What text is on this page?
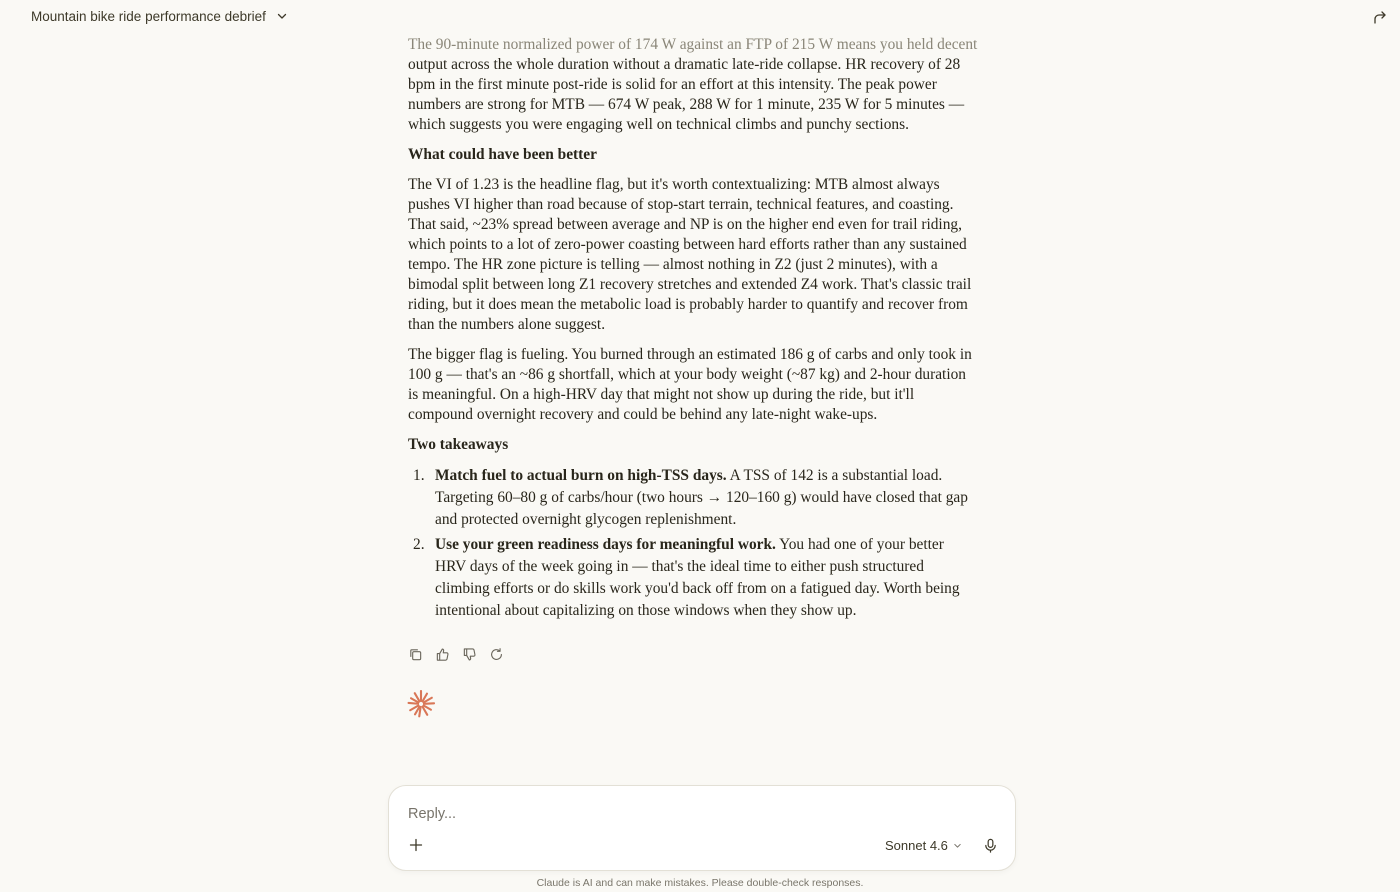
Mountain bike ride performance debrief

The 90-minute normalized power of 174 W against an FTP of 215 W means you held decent output across the whole duration without a dramatic late-ride collapse. HR recovery of 28 bpm in the first minute post-ride is solid for an effort at this intensity. The peak power numbers are strong for MTB — 674 W peak, 288 W for 1 minute, 235 W for 5 minutes — which suggests you were engaging well on technical climbs and punchy sections.

What could have been better

The VI of 1.23 is the headline flag, but it's worth contextualizing: MTB almost always pushes VI higher than road because of stop-start terrain, technical features, and coasting. That said, ~23% spread between average and NP is on the higher end even for trail riding, which points to a lot of zero-power coasting between hard efforts rather than any sustained tempo. The HR zone picture is telling — almost nothing in Z2 (just 2 minutes), with a bimodal split between long Z1 recovery stretches and extended Z4 work. That's classic trail riding, but it does mean the metabolic load is probably harder to quantify and recover from than the numbers alone suggest.

The bigger flag is fueling. You burned through an estimated 186 g of carbs and only took in 100 g — that's an ~86 g shortfall, which at your body weight (~87 kg) and 2-hour duration is meaningful. On a high-HRV day that might not show up during the ride, but it'll compound overnight recovery and could be behind any late-night wake-ups.

Two takeaways
1. Match fuel to actual burn on high-TSS days. A TSS of 142 is a substantial load. Targeting 60–80 g of carbs/hour (two hours → 120–160 g) would have closed that gap and protected overnight glycogen replenishment.
2. Use your green readiness days for meaningful work. You had one of your better HRV days of the week going in — that's the ideal time to either push structured climbing efforts or do skills work you'd back off from on a fatigued day. Worth being intentional about capitalizing on those windows when they show up.
Reply...
Sonnet 4.6
Claude is AI and can make mistakes. Please double-check responses.
